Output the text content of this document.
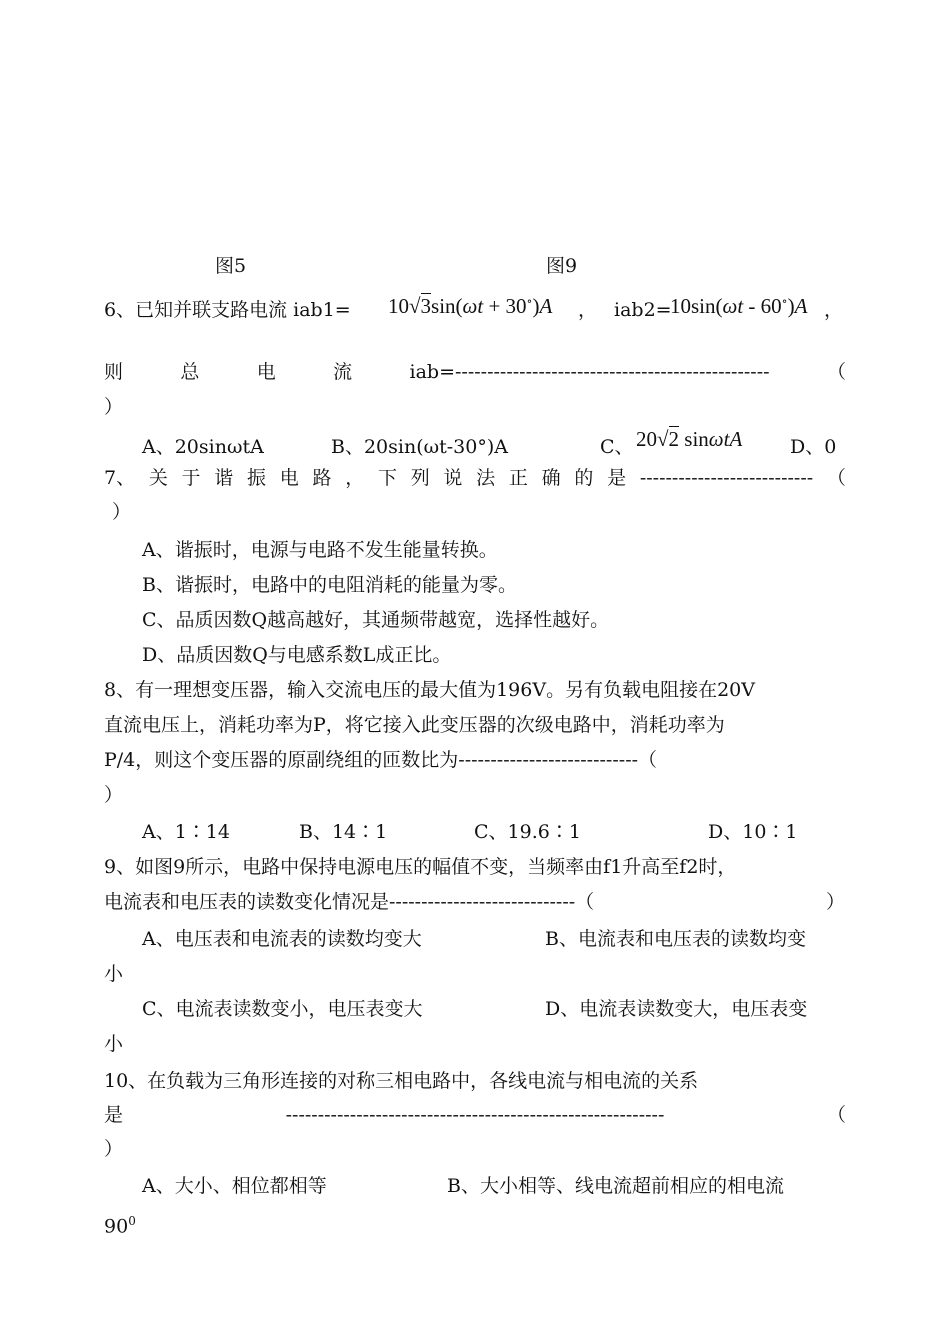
图5	图9
6、已知并联支路电流 iab1= 10√3sin(ωt + 30∘)A ， iab2=
10sin(ωt - 60∘)A ，
则	总	电	流	iab=-------------------------------------------------	（
）
A、20sinωtA	B、20sin(ωt-30°)A	C、 20√2 sinωtA	D、0
7、 关 于 谐 振 电 路 ， 下 列 说 法 正 确 的 是 --------------------------- （
）
A、谐振时，电源与电路不发生能量转换。
B、谐振时，电路中的电阻消耗的能量为零。
C、品质因数Q越高越好，其通频带越宽，选择性越好。
D、品质因数Q与电感系数L成正比。
8、有一理想变压器，输入交流电压的最大值为196V。另有负载电阻接在20V
直流电压上，消耗功率为P，将它接入此变压器的次级电路中，消耗功率为
P/4，则这个变压器的原副绕组的匝数比为----------------------------（
）
A、1∶14	B、14∶1	C、19.6∶1	D、10∶1
9、如图9所示，电路中保持电源电压的幅值不变，当频率由f1升高至f2时，
电流表和电压表的读数变化情况是-----------------------------（	）
A、电压表和电流表的读数均变大	B、电流表和电压表的读数均变
小
C、电流表读数变小，电压表变大	D、电流表读数变大，电压表变
小
10、在负载为三角形连接的对称三相电路中，各线电流与相电流的关系
是	-----------------------------------------------------------	（
）
A、大小、相位都相等	B、大小相等、线电流超前相应的相电流
$90^0$
